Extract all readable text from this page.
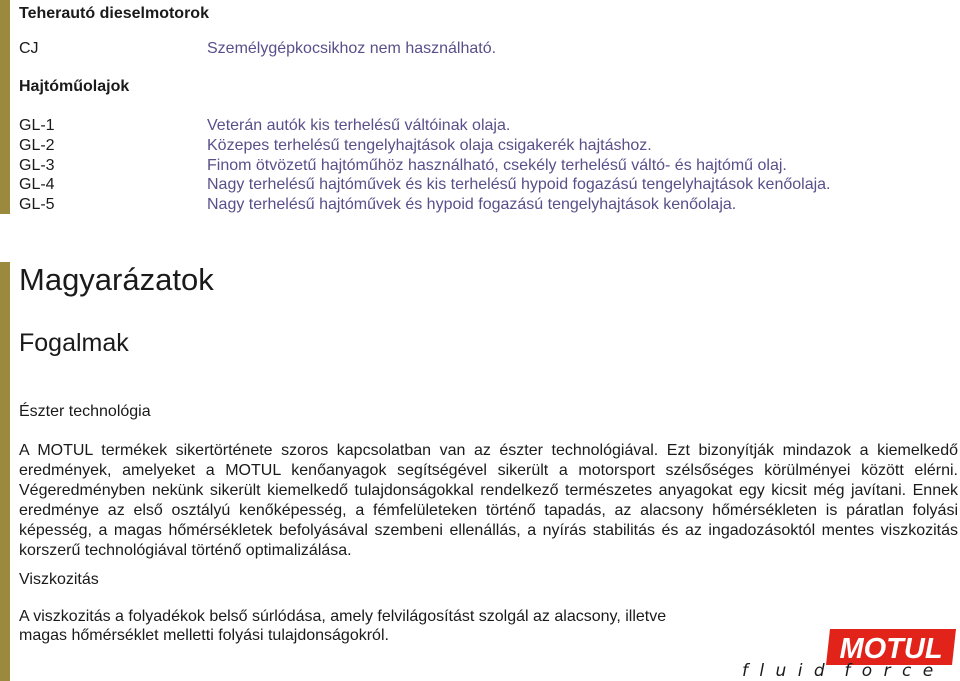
Teherautó dieselmotorok
CJ	Személygépkocsikhoz nem használható.
Hajtóműolajok
GL-1
GL-2
GL-3
GL-4
GL-5
Veterán autók kis terhelésű váltóinak olaja.
Közepes terhelésű tengelyhajtások olaja csigakerék hajtáshoz.
Finom ötvözetű hajtóműhöz használható, csekély terhelésű váltó- és hajtómű olaj.
Nagy terhelésű hajtóművek és kis terhelésű hypoid fogazású tengelyhajtások kenőolaja.
Nagy terhelésű hajtóművek és hypoid fogazású tengelyhajtások kenőolaja.
Magyarázatok
Fogalmak
Észter technológia
A MOTUL termékek sikertörténete szoros kapcsolatban van az észter technológiával. Ezt bizonyítják mindazok a kiemelkedő eredmények, amelyeket a MOTUL kenőanyagok segítségével sikerült a motorsport szélsőséges körülményei között elérni. Végeredményben nekünk sikerült kiemelkedő tulajdonságokkal rendelkező természetes anyagokat egy kicsit még javítani. Ennek eredménye az első osztályú kenőképesség, a fémfelületeken történő tapadás, az alacsony hőmérsékleten is páratlan folyási képesség, a magas hőmérsékletek befolyásával szembeni ellenállás, a nyírás stabilitás és az ingadozásoktól mentes viszkozitás korszerű technológiával történő optimalizálása.
Viszkozitás
A viszkozitás a folyadékok belső súrlódása, amely felvilágosítást szolgál az alacsony, illetve
magas hőmérséklet melletti folyási tulajdonságokról.	MOTUL
f l u i d  f o r c e
